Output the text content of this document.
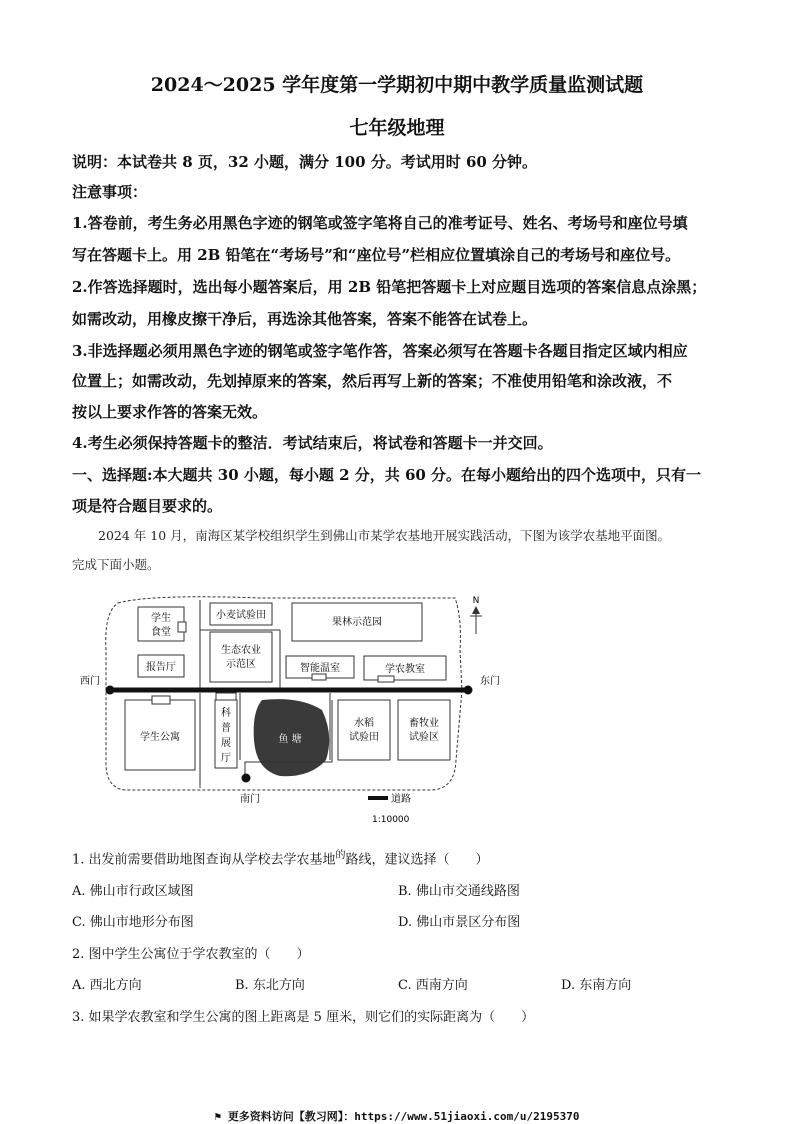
2024～2025 学年度第一学期初中期中教学质量监测试题
七年级地理
说明：本试卷共 8 页，32 小题，满分 100 分。考试用时 60 分钟。
注意事项：
1.答卷前，考生务必用黑色字迹的钢笔或签字笔将自己的准考证号、姓名、考场号和座位号填
写在答题卡上。用 2B 铅笔在“考场号”和“座位号”栏相应位置填涂自己的考场号和座位号。
2.作答选择题时，选出每小题答案后，用 2B 铅笔把答题卡上对应题目选项的答案信息点涂黑；
如需改动，用橡皮擦干净后，再选涂其他答案，答案不能答在试卷上。
3.非选择题必须用黑色字迹的钢笔或签字笔作答，答案必须写在答题卡各题目指定区域内相应
位置上；如需改动，先划掉原来的答案，然后再写上新的答案；不准使用铅笔和涂改液，不
按以上要求作答的答案无效。
4.考生必须保持答题卡的整洁．考试结束后，将试卷和答题卡一并交回。
一、选择题:本大题共 30 小题，每小题 2 分，共 60 分。在每小题给出的四个选项中，只有一
项是符合题目要求的。
2024 年 10 月，南海区某学校组织学生到佛山市某学农基地开展实践活动，下图为该学农基地平面图。
完成下面小题。
学生
食堂
小麦试验田
果林示范园
生态农业
示范区
报告厅	智能温室	学农教室
西门	东门
学生公寓
科
普
展
厅
鱼 塘
水稻
试验田
畜牧业
试验区
南门	道路
1:10000
N
1. 出发前需要借助地图查询从学校去学农基地$^的$路线，建议选择（　　）
A. 佛山市行政区域图	B. 佛山市交通线路图
C. 佛山市地形分布图	D. 佛山市景区分布图
2. 图中学生公寓位于学农教室的（　　）
A. 西北方向	B. 东北方向	C. 西南方向	D. 东南方向
3. 如果学农教室和学生公寓的图上距离是 5 厘米，则它们的实际距离为（　　）
⚑ 更多资料访问【教习网】：https://www.51jiaoxi.com/u/2195370
